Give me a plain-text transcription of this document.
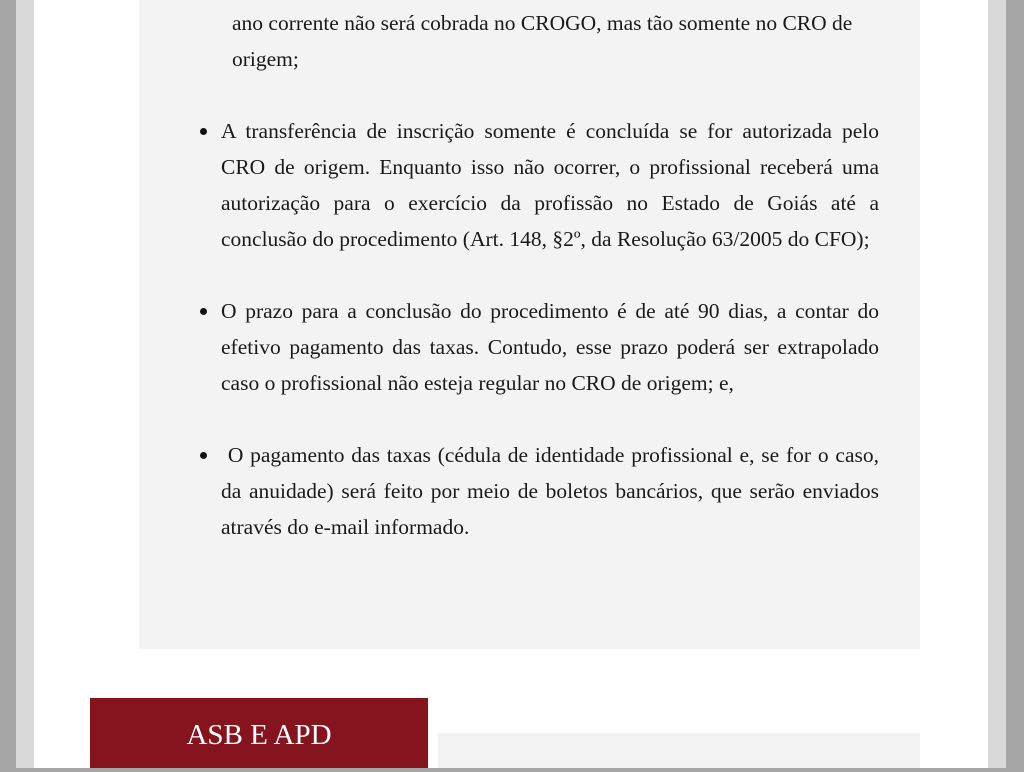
ano corrente não será cobrada no CROGO, mas tão somente no CRO de origem;
A transferência de inscrição somente é concluída se for autorizada pelo CRO de origem. Enquanto isso não ocorrer, o profissional receberá uma autorização para o exercício da profissão no Estado de Goiás até a conclusão do procedimento (Art. 148, §2º, da Resolução 63/2005 do CFO);
O prazo para a conclusão do procedimento é de até 90 dias, a contar do efetivo pagamento das taxas. Contudo, esse prazo poderá ser extrapolado caso o profissional não esteja regular no CRO de origem; e,
O pagamento das taxas (cédula de identidade profissional e, se for o caso, da anuidade) será feito por meio de boletos bancários, que serão enviados através do e-mail informado.
ASB E APD
